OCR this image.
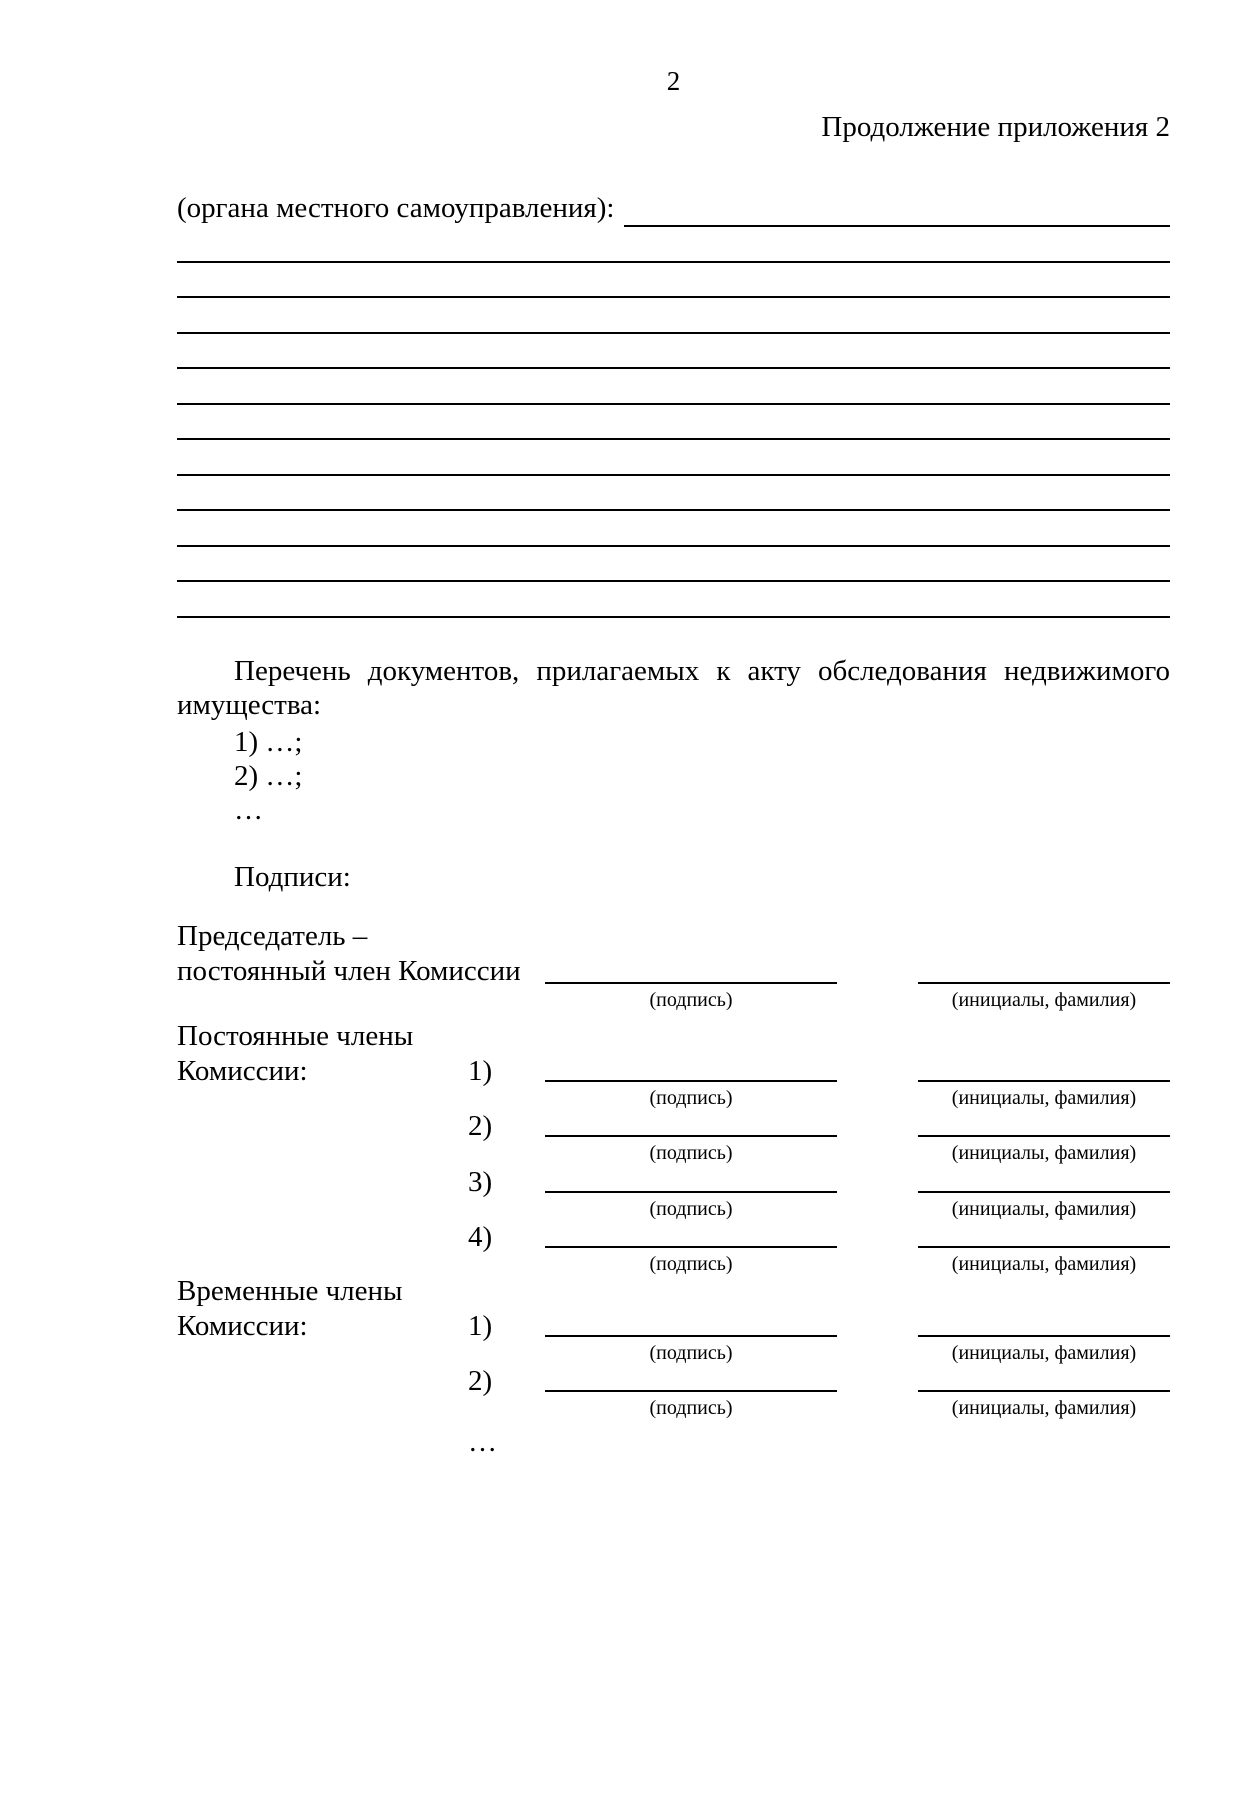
2
Продолжение приложения 2
(органа местного самоуправления):
Перечень документов, прилагаемых к акту обследования недвижимого имущества:
1) …;
2) …;
…
Подписи:
Председатель –
постоянный член Комиссии
(подпись)	(инициалы, фамилия)
Постоянные члены
Комиссии:	1)
(подпись)	(инициалы, фамилия)
2)
(подпись)	(инициалы, фамилия)
3)
(подпись)	(инициалы, фамилия)
4)
(подпись)	(инициалы, фамилия)
Временные члены
Комиссии:	1)
(подпись)	(инициалы, фамилия)
2)
(подпись)	(инициалы, фамилия)
…
